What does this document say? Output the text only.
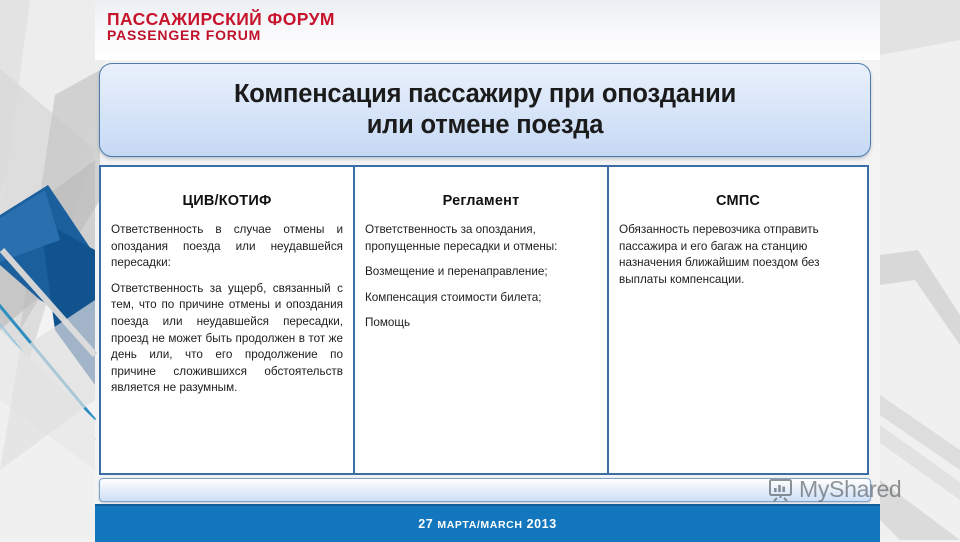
ПАССАЖИРСКИЙ ФОРУМ
PASSENGER FORUM
Компенсация пассажиру при опоздании
или отмене поезда
ЦИВ/КОТИФ

Ответственность в случае отмены и опоздания поезда или неудавшейся пересадки:

Ответственность за ущерб, связанный с тем, что по причине отмены и опоздания поезда или неудавшейся пересадки, проезд не может быть продолжен в тот же день или, что его продолжение по причине сложившихся обстоятельств является не разумным.

Регламент

Ответственность за опоздания, пропущенные пересадки и отмены:

Возмещение и перенаправление;

Компенсация стоимости билета;

Помощь

СМПС

Обязанность перевозчика отправить пассажира и его багаж на станцию назначения ближайшим поездом без выплаты компенсации.

27 МАРТА/MARCH 2013
MyShared
